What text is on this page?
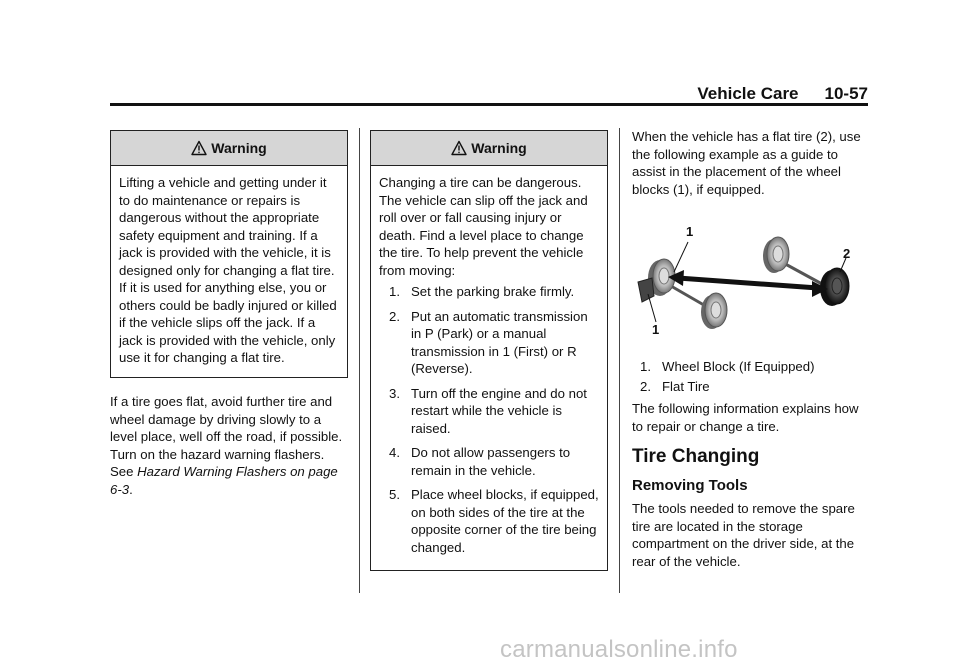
Vehicle Care 10-57
Warning
Lifting a vehicle and getting under it to do maintenance or repairs is dangerous without the appropriate safety equipment and training. If a jack is provided with the vehicle, it is designed only for changing a flat tire. If it is used for anything else, you or others could be badly injured or killed if the vehicle slips off the jack. If a jack is provided with the vehicle, only use it for changing a flat tire.
If a tire goes flat, avoid further tire and wheel damage by driving slowly to a level place, well off the road, if possible. Turn on the hazard warning flashers. See Hazard Warning Flashers on page 6-3.
Warning
Changing a tire can be dangerous. The vehicle can slip off the jack and roll over or fall causing injury or death. Find a level place to change the tire. To help prevent the vehicle from moving:
1. Set the parking brake firmly.
2. Put an automatic transmission in P (Park) or a manual transmission in 1 (First) or R (Reverse).
3. Turn off the engine and do not restart while the vehicle is raised.
4. Do not allow passengers to remain in the vehicle.
5. Place wheel blocks, if equipped, on both sides of the tire at the opposite corner of the tire being changed.
When the vehicle has a flat tire (2), use the following example as a guide to assist in the placement of the wheel blocks (1), if equipped.
1
1
2
1. Wheel Block (If Equipped)
2. Flat Tire
The following information explains how to repair or change a tire.
Tire Changing
Removing Tools
The tools needed to remove the spare tire are located in the storage compartment on the driver side, at the rear of the vehicle.
carmanualsonline.info
